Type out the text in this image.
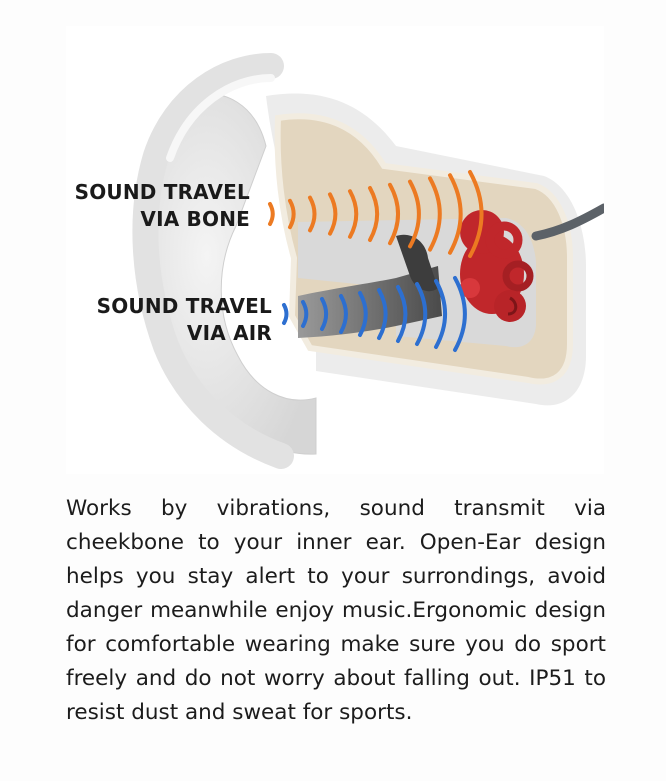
SOUND TRAVEL
VIA BONE
SOUND TRAVEL
VIA AIR

Works by vibrations, sound transmit via cheekbone to your inner ear. Open-Ear design helps you stay alert to your surrondings, avoid danger meanwhile enjoy music.Ergonomic design for comfortable wearing make sure you do sport freely and do not worry about falling out. IP51 to resist dust and sweat for sports.
